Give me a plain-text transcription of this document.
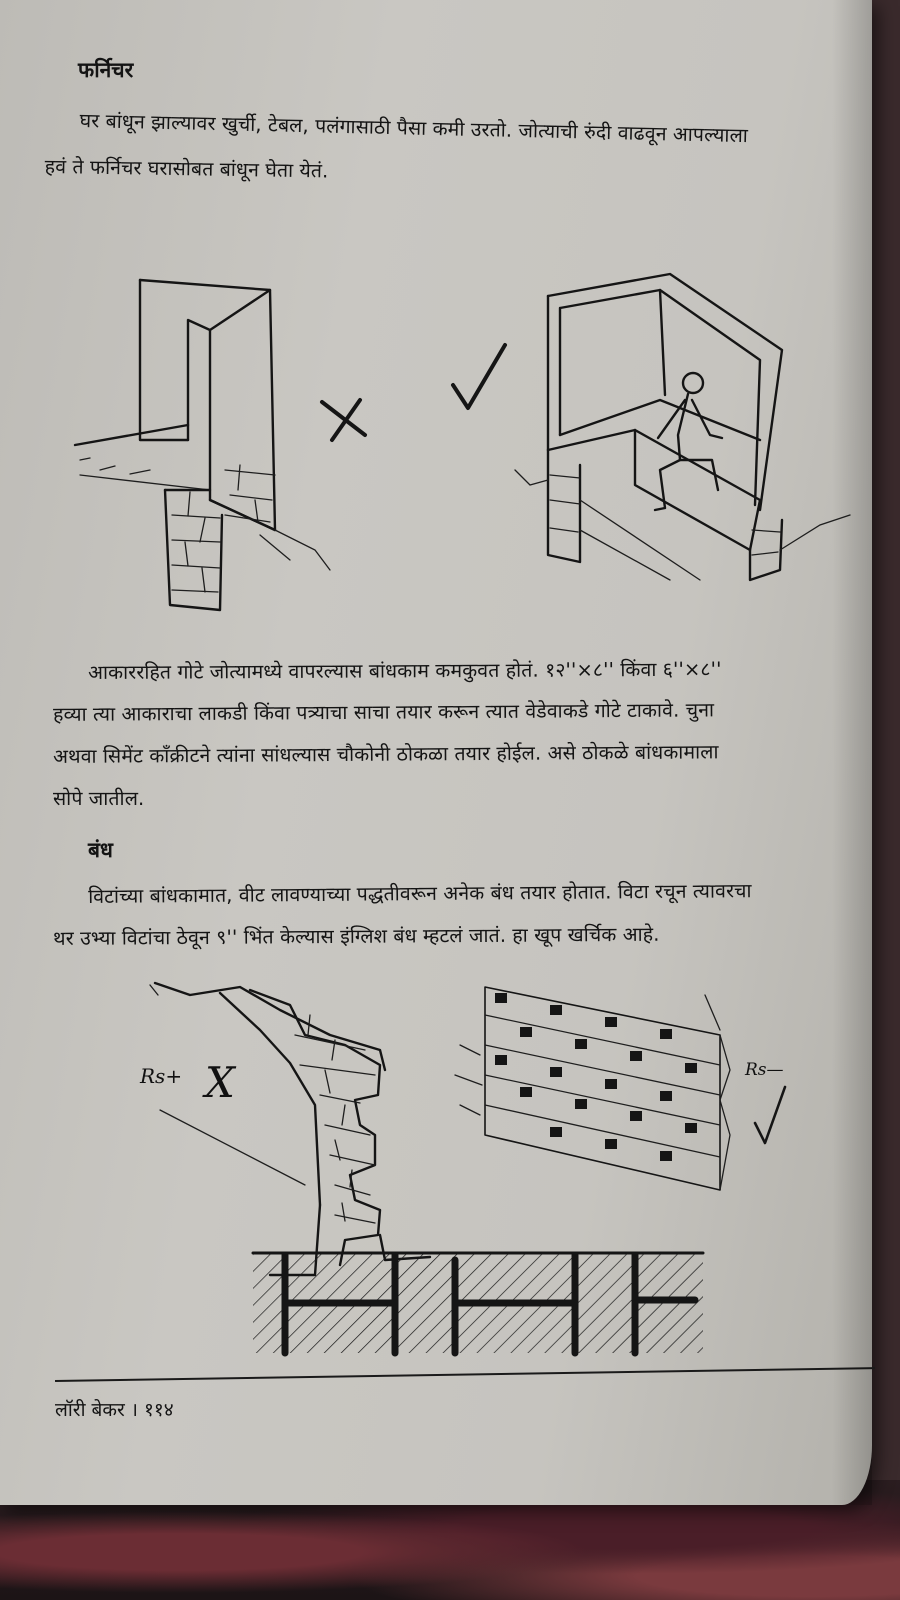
फर्निचर
घर बांधून झाल्यावर खुर्ची, टेबल, पलंगासाठी पैसा कमी उरतो. जोत्याची रुंदी वाढवून आपल्याला
हवं ते फर्निचर घरासोबत बांधून घेता येतं.
आकाररहित गोटे जोत्यामध्ये वापरल्यास बांधकाम कमकुवत होतं. १२''×८'' किंवा ६''×८''
हव्या त्या आकाराचा लाकडी किंवा पत्र्याचा साचा तयार करून त्यात वेडेवाकडे गोटे टाकावे. चुना
अथवा सिमेंट कॉंक्रीटने त्यांना सांधल्यास चौकोनी ठोकळा तयार होईल. असे ठोकळे बांधकामाला
सोपे जातील.
बंध
विटांच्या बांधकामात, वीट लावण्याच्या पद्धतीवरून अनेक बंध तयार होतात. विटा रचून त्यावरचा
थर उभ्या विटांचा ठेवून ९'' भिंत केल्यास इंग्लिश बंध म्हटलं जातं. हा खूप खर्चिक आहे.
Rs+ X	Rs—
लॉरी बेकर । ११४
